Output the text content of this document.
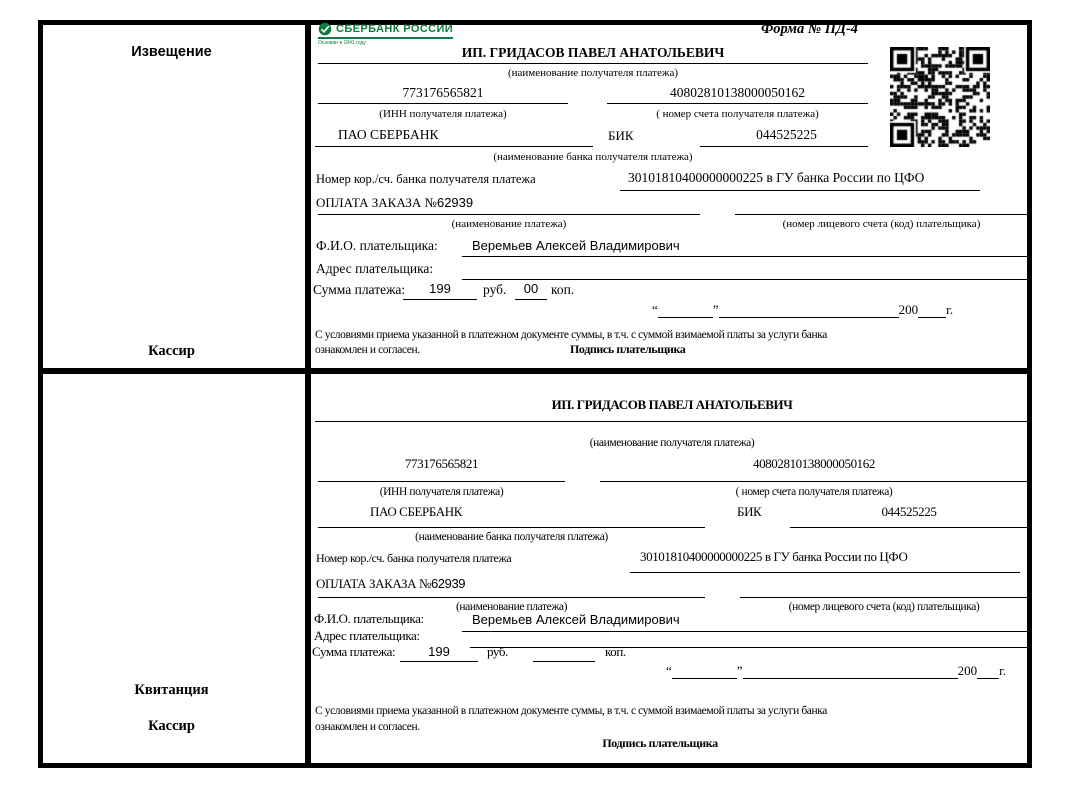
Извещение
Кассир
Квитанция
Кассир
СБЕРБАНК РОССИИ
Основан в 1841 году
Форма № ПД-4
ИП. ГРИДАСОВ ПАВЕЛ АНАТОЛЬЕВИЧ
(наименование получателя платежа)
773176565821	40802810138000050162
(ИНН получателя платежа)	( номер счета получателя платежа)
ПАО СБЕРБАНК	БИК	044525225
(наименование банка получателя платежа)
Номер кор./сч. банка получателя платежа	30101810400000000225 в ГУ банка России по ЦФО
ОПЛАТА ЗАКАЗА №62939
(наименование платежа)	(номер лицевого счета (код) плательщика)
Ф.И.О. плательщика:	Веремьев Алексей Владимирович
Адрес плательщика:
Сумма платежа:	199	руб.	00 коп.
“	”	200 г.
С условиями приема указанной в платежном документе суммы, в т.ч. с суммой взимаемой платы за услуги банка
ознакомлен и согласен.	Подпись плательщика
ИП. ГРИДАСОВ ПАВЕЛ АНАТОЛЬЕВИЧ
(наименование получателя платежа)
773176565821	40802810138000050162
(ИНН получателя платежа)	( номер счета получателя платежа)
ПАО СБЕРБАНК	БИК	044525225
(наименование банка получателя платежа)
Номер кор./сч. банка получателя платежа	30101810400000000225 в ГУ банка России по ЦФО
ОПЛАТА ЗАКАЗА №62939
(наименование платежа)	(номер лицевого счета (код) плательщика)
Ф.И.О. плательщика:	Веремьев Алексей Владимирович
Адрес плательщика:
Сумма платежа:	199	руб.	коп.
“	”	200 г.
С условиями приема указанной в платежном документе суммы, в т.ч. с суммой взимаемой платы за услуги банка
ознакомлен и согласен.
Подпись плательщика
